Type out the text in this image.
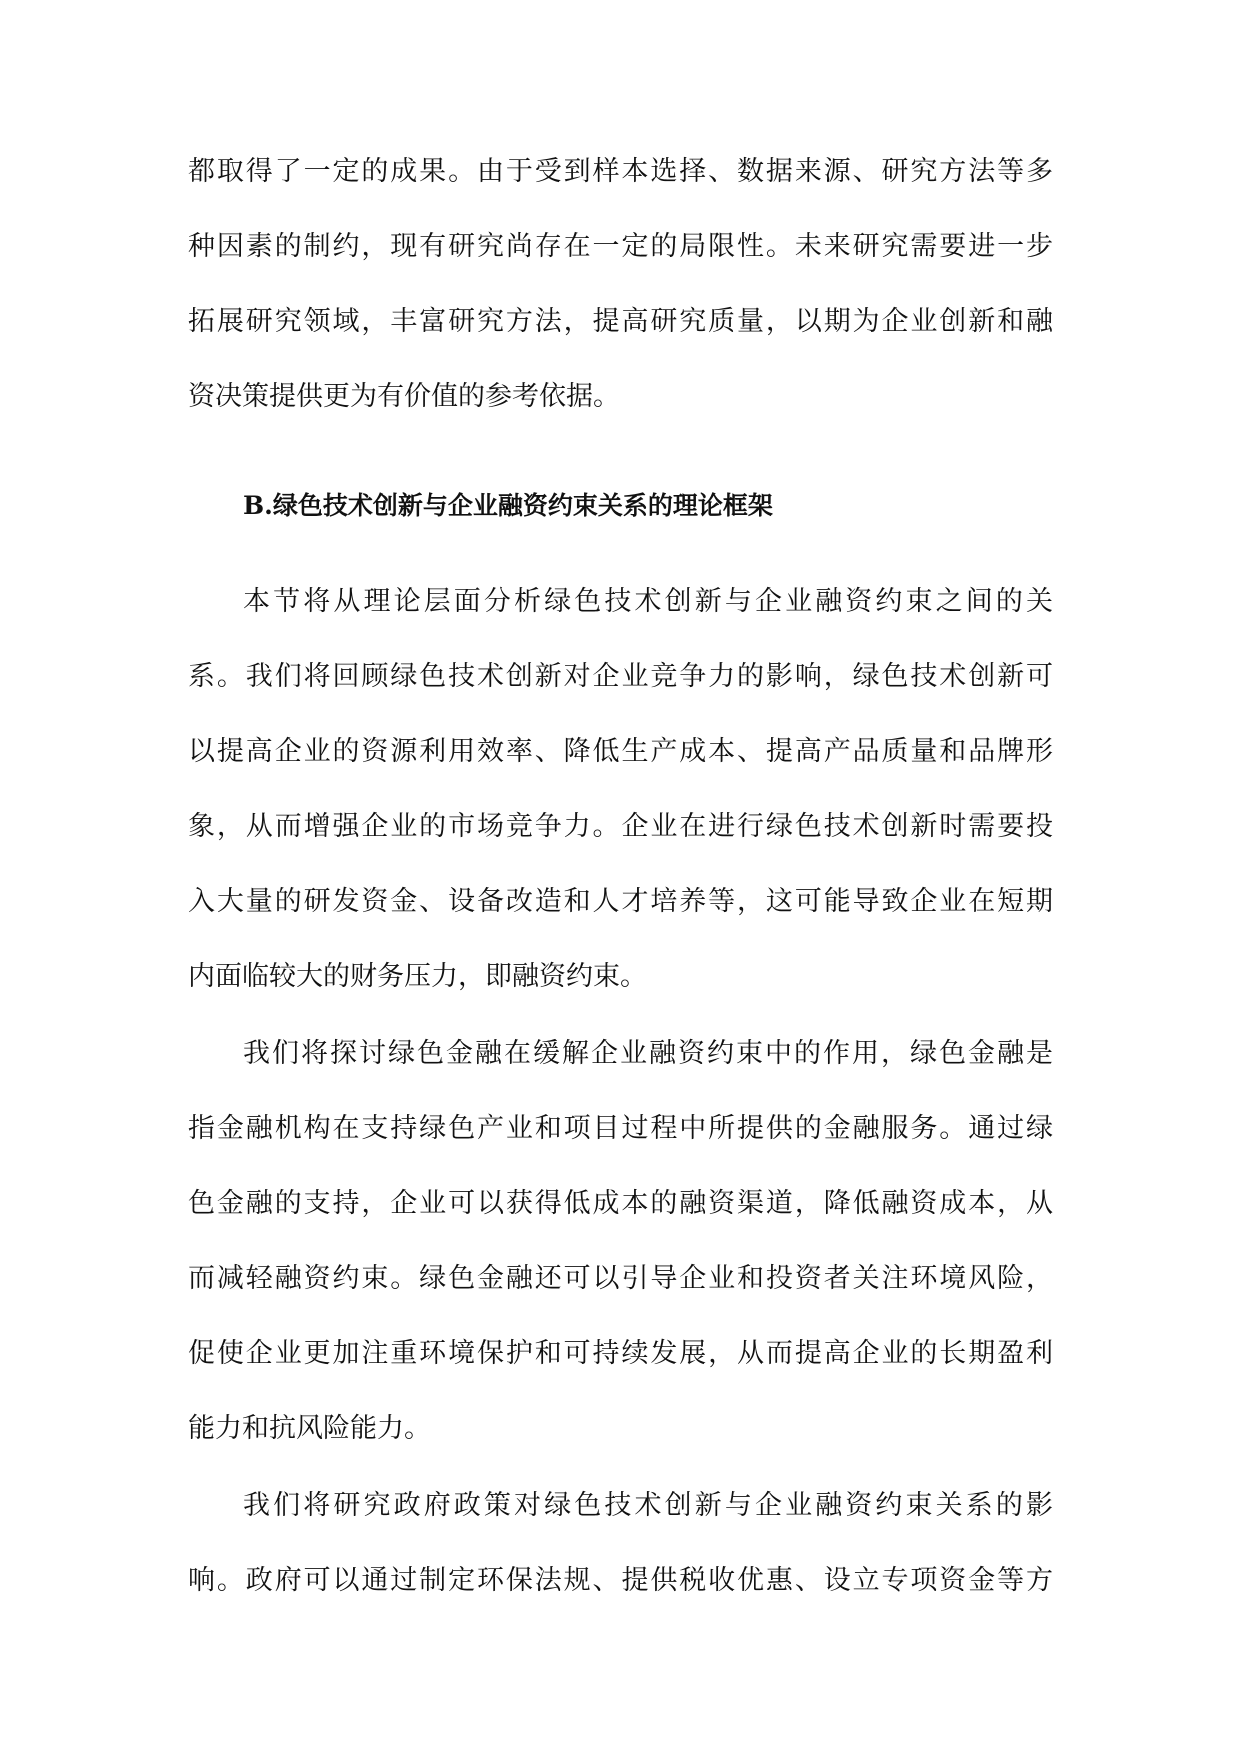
都取得了一定的成果。由于受到样本选择、数据来源、研究方法等多
种因素的制约，现有研究尚存在一定的局限性。未来研究需要进一步
拓展研究领域，丰富研究方法，提高研究质量，以期为企业创新和融
资决策提供更为有价值的参考依据。

B.绿色技术创新与企业融资约束关系的理论框架

本节将从理论层面分析绿色技术创新与企业融资约束之间的关
系。我们将回顾绿色技术创新对企业竞争力的影响，绿色技术创新可
以提高企业的资源利用效率、降低生产成本、提高产品质量和品牌形
象，从而增强企业的市场竞争力。企业在进行绿色技术创新时需要投
入大量的研发资金、设备改造和人才培养等，这可能导致企业在短期
内面临较大的财务压力，即融资约束。

我们将探讨绿色金融在缓解企业融资约束中的作用，绿色金融是
指金融机构在支持绿色产业和项目过程中所提供的金融服务。通过绿
色金融的支持，企业可以获得低成本的融资渠道，降低融资成本，从
而减轻融资约束。绿色金融还可以引导企业和投资者关注环境风险，
促使企业更加注重环境保护和可持续发展，从而提高企业的长期盈利
能力和抗风险能力。

我们将研究政府政策对绿色技术创新与企业融资约束关系的影
响。政府可以通过制定环保法规、提供税收优惠、设立专项资金等方
